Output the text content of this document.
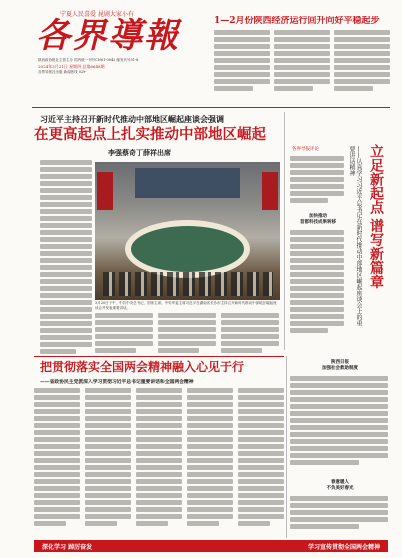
宁夏人民喜爱 昆剧大家小有
各界導報
陕西政协报社主管主办 国内统一刊号CN61-0042 邮发代号51-8
2024年3月21日 星期四 总第6648期
各界导报社出版 新闻热线 029-
1—2月份陕西经济运行回升向好平稳起步
习近平主持召开新时代推动中部地区崛起座谈会强调
在更高起点上扎实推动中部地区崛起
李强蔡奇丁薛祥出席
3月20日下午，中共中央总书记、国家主席、中央军委主席习近平在湖南省长沙市主持召开新时代推动中部地区崛起座谈会并发表重要讲话。
各界导报评论	立足新起点 谱写新篇章
——认真学习习近平总书记在新时代推动中部地区崛起座谈会上的重要讲话精神
加快推动
首都科技成果转移
把贯彻落实全国两会精神融入心见于行
——省政协民主党派深入学习贯彻习近平总书记重要讲话和全国两会精神
陕西日报
加强社会救助制度
春意暖人
不负美好春光
深化学习 踔厉奋发	学习宣传贯彻全国两会精神
